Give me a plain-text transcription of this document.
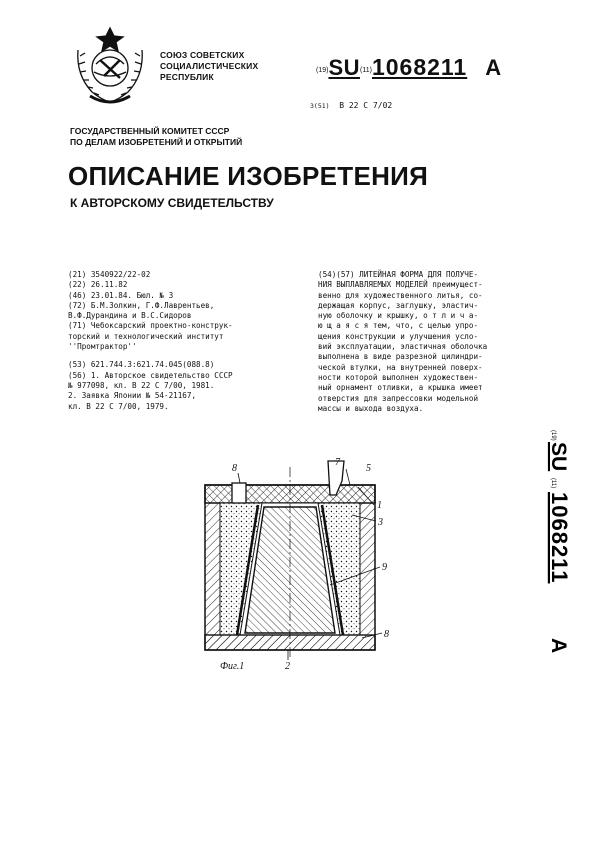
СОЮЗ СОВЕТСКИХ
СОЦИАЛИСТИЧЕСКИХ
РЕСПУБЛИК
(19)SU(11)1068211 A
3(51) В 22 С 7/02
ГОСУДАРСТВЕННЫЙ КОМИТЕТ СССР
ПО ДЕЛАМ ИЗОБРЕТЕНИЙ И ОТКРЫТИЙ
ОПИСАНИЕ ИЗОБРЕТЕНИЯ
К АВТОРСКОМУ СВИДЕТЕЛЬСТВУ
(21) 3540922/22-02
(22) 26.11.82
(46) 23.01.84. Бюл. № 3
(72) Б.М.Золкин, Г.Ф.Лаврентьев,
В.Ф.Дурандина и В.С.Сидоров
(71) Чебоксарский проектно-конструк-
торский и технологический институт
''Промтрактор''
(53) 621.744.3:621.74.045(088.8)
(56) 1. Авторское свидетельство СССР
№ 977098, кл. В 22 С 7/00, 1981.
2. Заявка Японии № 54-21167,
кл. В 22 С 7/00, 1979.
(54)(57) ЛИТЕЙНАЯ ФОРМА ДЛЯ ПОЛУЧЕ-
НИЯ ВЫПЛАВЛЯЕМЫХ МОДЕЛЕЙ преимущест-
венно для художественного литья, со-
держащая корпус, заглушку, эластич-
ную оболочку и крышку, о т л и ч а-
ю щ а я с я тем, что, с целью упро-
щения конструкции и улучшения усло-
вий эксплуатации, эластичная оболочка
выполнена в виде разрезной цилиндри-
ческой втулки, на внутренней поверх-
ности которой выполнен художествен-
ный орнамент отливки, а крышка имеет
отверстия для запрессовки модельной
массы и выхода воздуха.
(19)
SU
(11)
1068211
A
8
7
5
1
3
9
8
2
Фиг.1
